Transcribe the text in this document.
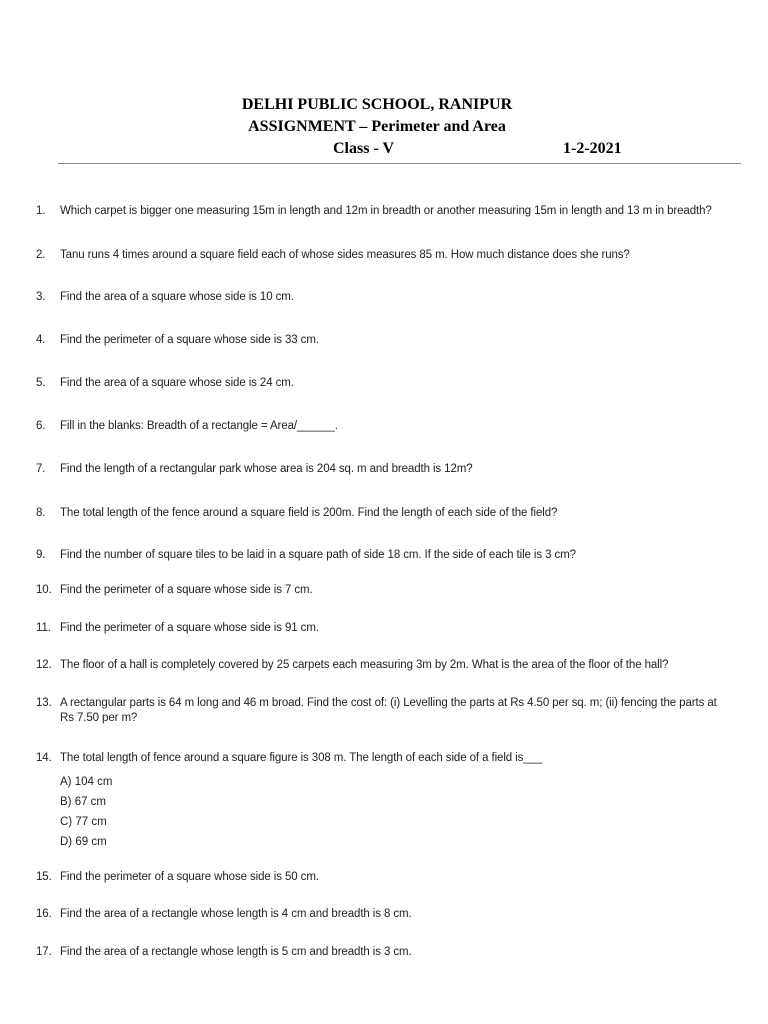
DELHI PUBLIC SCHOOL, RANIPUR
ASSIGNMENT – Perimeter and Area
Class - V	1-2-2021
1.	Which carpet is bigger one measuring 15m in length and 12m in breadth or another measuring 15m in length and 13 m in breadth?
2.	Tanu runs 4 times around a square field each of whose sides measures 85 m. How much distance does she runs?
3.	Find the area of a square whose side is 10 cm.
4.	Find the perimeter of a square whose side is 33 cm.
5.	Find the area of a square whose side is 24 cm.
6.	Fill in the blanks: Breadth of a rectangle = Area/______.
7.	Find the length of a rectangular park whose area is 204 sq. m and breadth is 12m?
8.	The total length of the fence around a square field is 200m. Find the length of each side of the field?
9.	Find the number of square tiles to be laid in a square path of side 18 cm. If the side of each tile is 3 cm?
10. Find the perimeter of a square whose side is 7 cm.
11. Find the perimeter of a square whose side is 91 cm.
12. The floor of a hall is completely covered by 25 carpets each measuring 3m by 2m. What is the area of the floor of the hall?
13. A rectangular parts is 64 m long and 46 m broad. Find the cost of: (i) Levelling the parts at Rs 4.50 per sq. m; (ii) fencing the parts at Rs 7.50 per m?
14. The total length of fence around a square figure is 308 m. The length of each side of a field is___
A) 104 cm
B) 67 cm
C) 77 cm
D) 69 cm
15. Find the perimeter of a square whose side is 50 cm.
16. Find the area of a rectangle whose length is 4 cm and breadth is 8 cm.
17. Find the area of a rectangle whose length is 5 cm and breadth is 3 cm.
